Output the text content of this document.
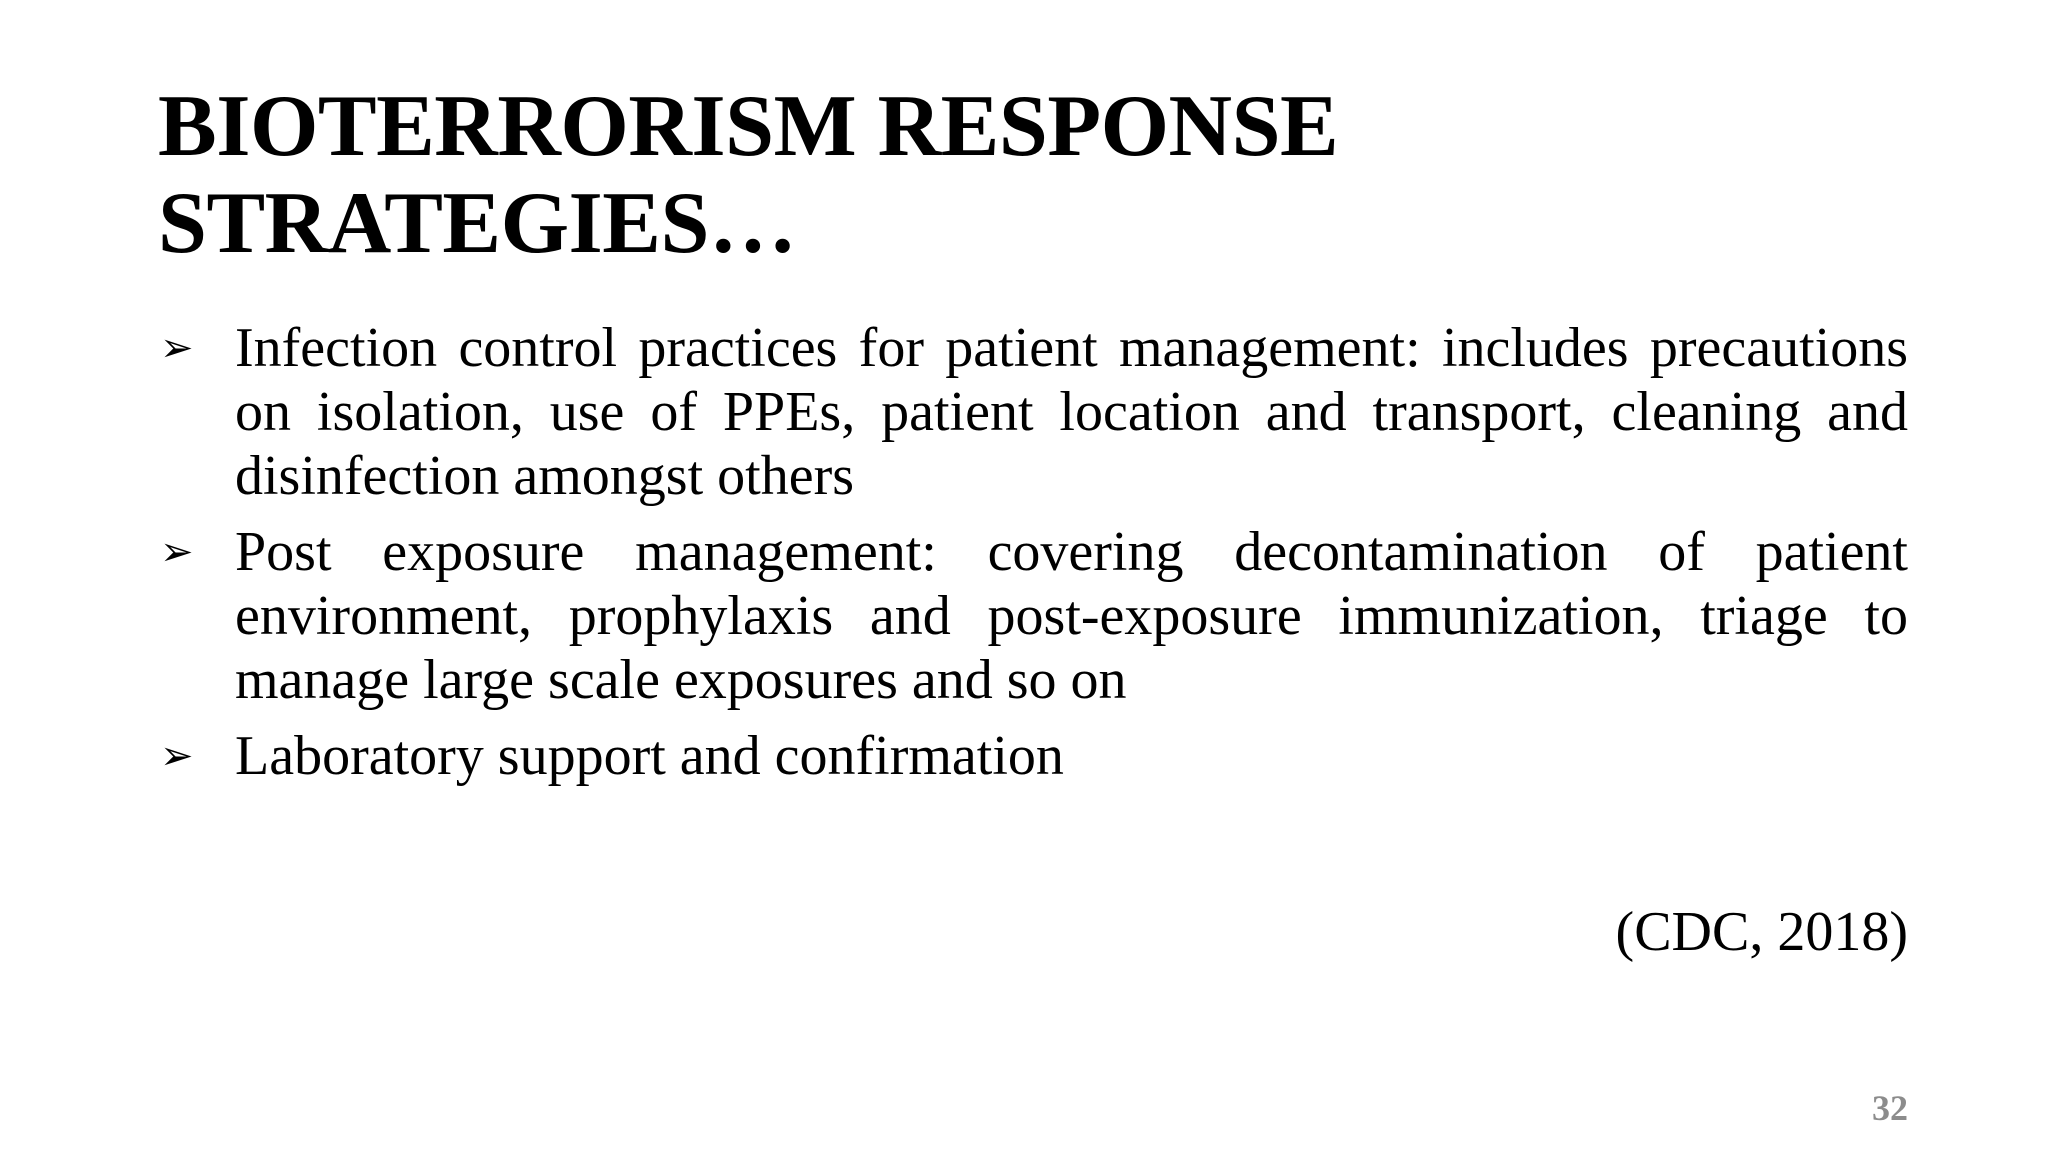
BIOTERRORISM RESPONSE
STRATEGIES…
➢ Infection control practices for patient management: includes precautions on isolation, use of PPEs, patient location and transport, cleaning and disinfection amongst others
➢ Post exposure management: covering decontamination of patient environment, prophylaxis and post-exposure immunization, triage to manage large scale exposures and so on
➢ Laboratory support and confirmation
(CDC, 2018)
32
